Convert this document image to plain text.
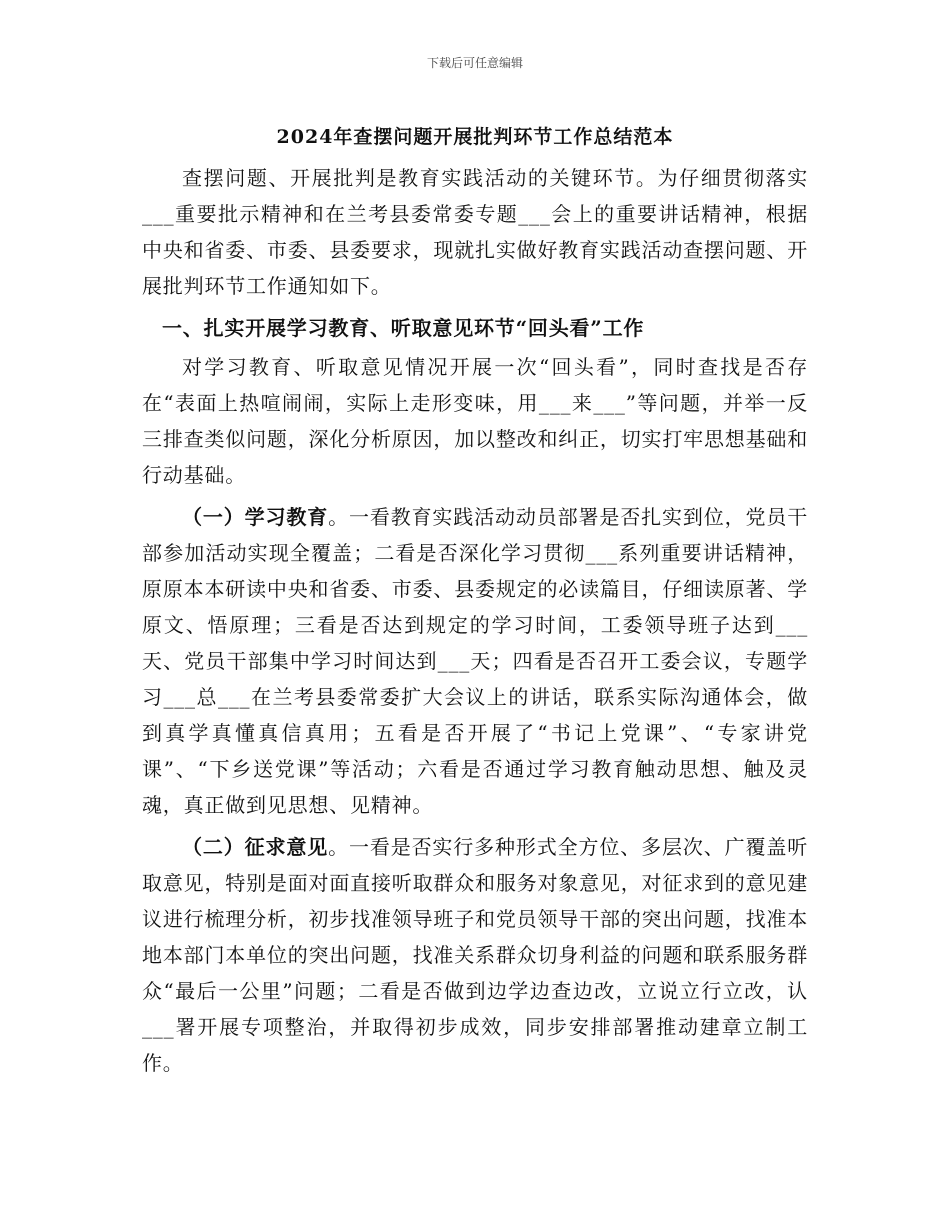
下载后可任意编辑
2024年查摆问题开展批判环节工作总结范本

查摆问题、开展批判是教育实践活动的关键环节。为仔细贯彻落实___重要批示精神和在兰考县委常委专题___会上的重要讲话精神，根据中央和省委、市委、县委要求，现就扎实做好教育实践活动查摆问题、开展批判环节工作通知如下。

一、扎实开展学习教育、听取意见环节“回头看”工作

对学习教育、听取意见情况开展一次“回头看”，同时查找是否存在“表面上热喧闹闹，实际上走形变味，用___来___”等问题，并举一反三排查类似问题，深化分析原因，加以整改和纠正，切实打牢思想基础和行动基础。

（一）学习教育。一看教育实践活动动员部署是否扎实到位，党员干部参加活动实现全覆盖；二看是否深化学习贯彻___系列重要讲话精神，原原本本研读中央和省委、市委、县委规定的必读篇目，仔细读原著、学原文、悟原理；三看是否达到规定的学习时间，工委领导班子达到___天、党员干部集中学习时间达到___天；四看是否召开工委会议，专题学习___总___在兰考县委常委扩大会议上的讲话，联系实际沟通体会，做到真学真懂真信真用；五看是否开展了“书记上党课”、“专家讲党课”、“下乡送党课”等活动；六看是否通过学习教育触动思想、触及灵魂，真正做到见思想、见精神。

（二）征求意见。一看是否实行多种形式全方位、多层次、广覆盖听取意见，特别是面对面直接听取群众和服务对象意见，对征求到的意见建议进行梳理分析，初步找准领导班子和党员领导干部的突出问题，找准本地本部门本单位的突出问题，找准关系群众切身利益的问题和联系服务群众“最后一公里”问题；二看是否做到边学边查边改，立说立行立改，认___署开展专项整治，并取得初步成效，同步安排部署推动建章立制工作。
